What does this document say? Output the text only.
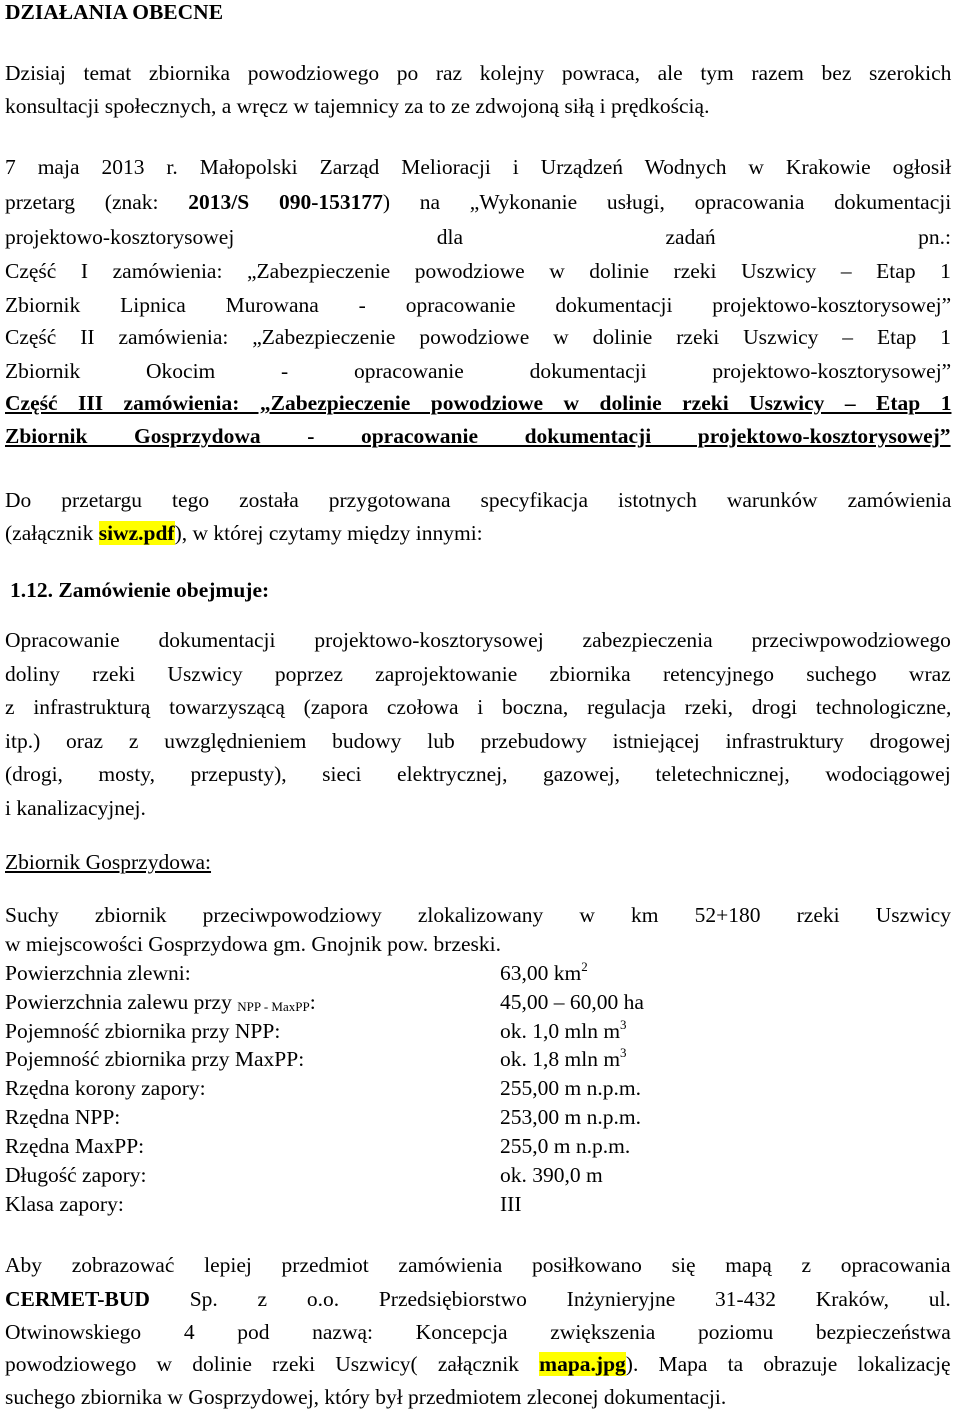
DZIAŁANIA OBECNE
Dzisiaj temat zbiornika powodziowego po raz kolejny powraca, ale tym razem bez szerokich
konsultacji społecznych, a wręcz w tajemnicy za to ze zdwojoną siłą i prędkością.
7 maja 2013 r. Małopolski Zarząd Melioracji i Urządzeń Wodnych w Krakowie ogłosił
przetarg (znak: 2013/S 090-153177) na „Wykonanie usługi, opracowania dokumentacji
projektowo-kosztorysowej	dla	zadań	pn.:
Część I zamówienia: „Zabezpieczenie powodziowe w dolinie rzeki Uszwicy – Etap 1
Zbiornik Lipnica Murowana - opracowanie dokumentacji projektowo-kosztorysowej”
Część II zamówienia: „Zabezpieczenie powodziowe w dolinie rzeki Uszwicy – Etap 1
Zbiornik Okocim - opracowanie dokumentacji projektowo-kosztorysowej”
Część III zamówienia: „Zabezpieczenie powodziowe w dolinie rzeki Uszwicy – Etap 1
Zbiornik Gosprzydowa - opracowanie dokumentacji projektowo-kosztorysowej”
Do przetargu tego została przygotowana specyfikacja istotnych warunków zamówienia
(załącznik siwz.pdf), w której czytamy między innymi:
1.12. Zamówienie obejmuje:
Opracowanie dokumentacji projektowo-kosztorysowej zabezpieczenia przeciwpowodziowego
doliny rzeki Uszwicy poprzez zaprojektowanie zbiornika retencyjnego suchego wraz
z infrastrukturą towarzyszącą (zapora czołowa i boczna, regulacja rzeki, drogi technologiczne,
itp.) oraz z uwzględnieniem budowy lub przebudowy istniejącej infrastruktury drogowej
(drogi, mosty, przepusty), sieci elektrycznej, gazowej, teletechnicznej, wodociągowej
i kanalizacyjnej.
Zbiornik Gosprzydowa:
Suchy zbiornik przeciwpowodziowy zlokalizowany w km 52+180 rzeki Uszwicy
w miejscowości Gosprzydowa gm. Gnojnik pow. brzeski.
Powierzchnia zlewni:	63,00 $km^2$
Powierzchnia zalewu przy $_{NPP - MaxPP}$:	45,00 – 60,00 ha
Pojemność zbiornika przy NPP:	ok. 1,0 mln $m^3$
Pojemność zbiornika przy MaxPP:	ok. 1,8 mln $m^3$
Rzędna korony zapory:	255,00 m n.p.m.
Rzędna NPP:	253,00 m n.p.m.
Rzędna MaxPP:	255,0 m n.p.m.
Długość zapory:	ok. 390,0 m
Klasa zapory:	III
Aby zobrazować lepiej przedmiot zamówienia posiłkowano się mapą z opracowania
CERMET-BUD Sp. z o.o. Przedsiębiorstwo Inżynieryjne 31-432 Kraków, ul.
Otwinowskiego 4 pod nazwą: Koncepcja zwiększenia poziomu bezpieczeństwa
powodziowego w dolinie rzeki Uszwicy( załącznik mapa.jpg). Mapa ta obrazuje lokalizację
suchego zbiornika w Gosprzydowej, który był przedmiotem zleconej dokumentacji.
